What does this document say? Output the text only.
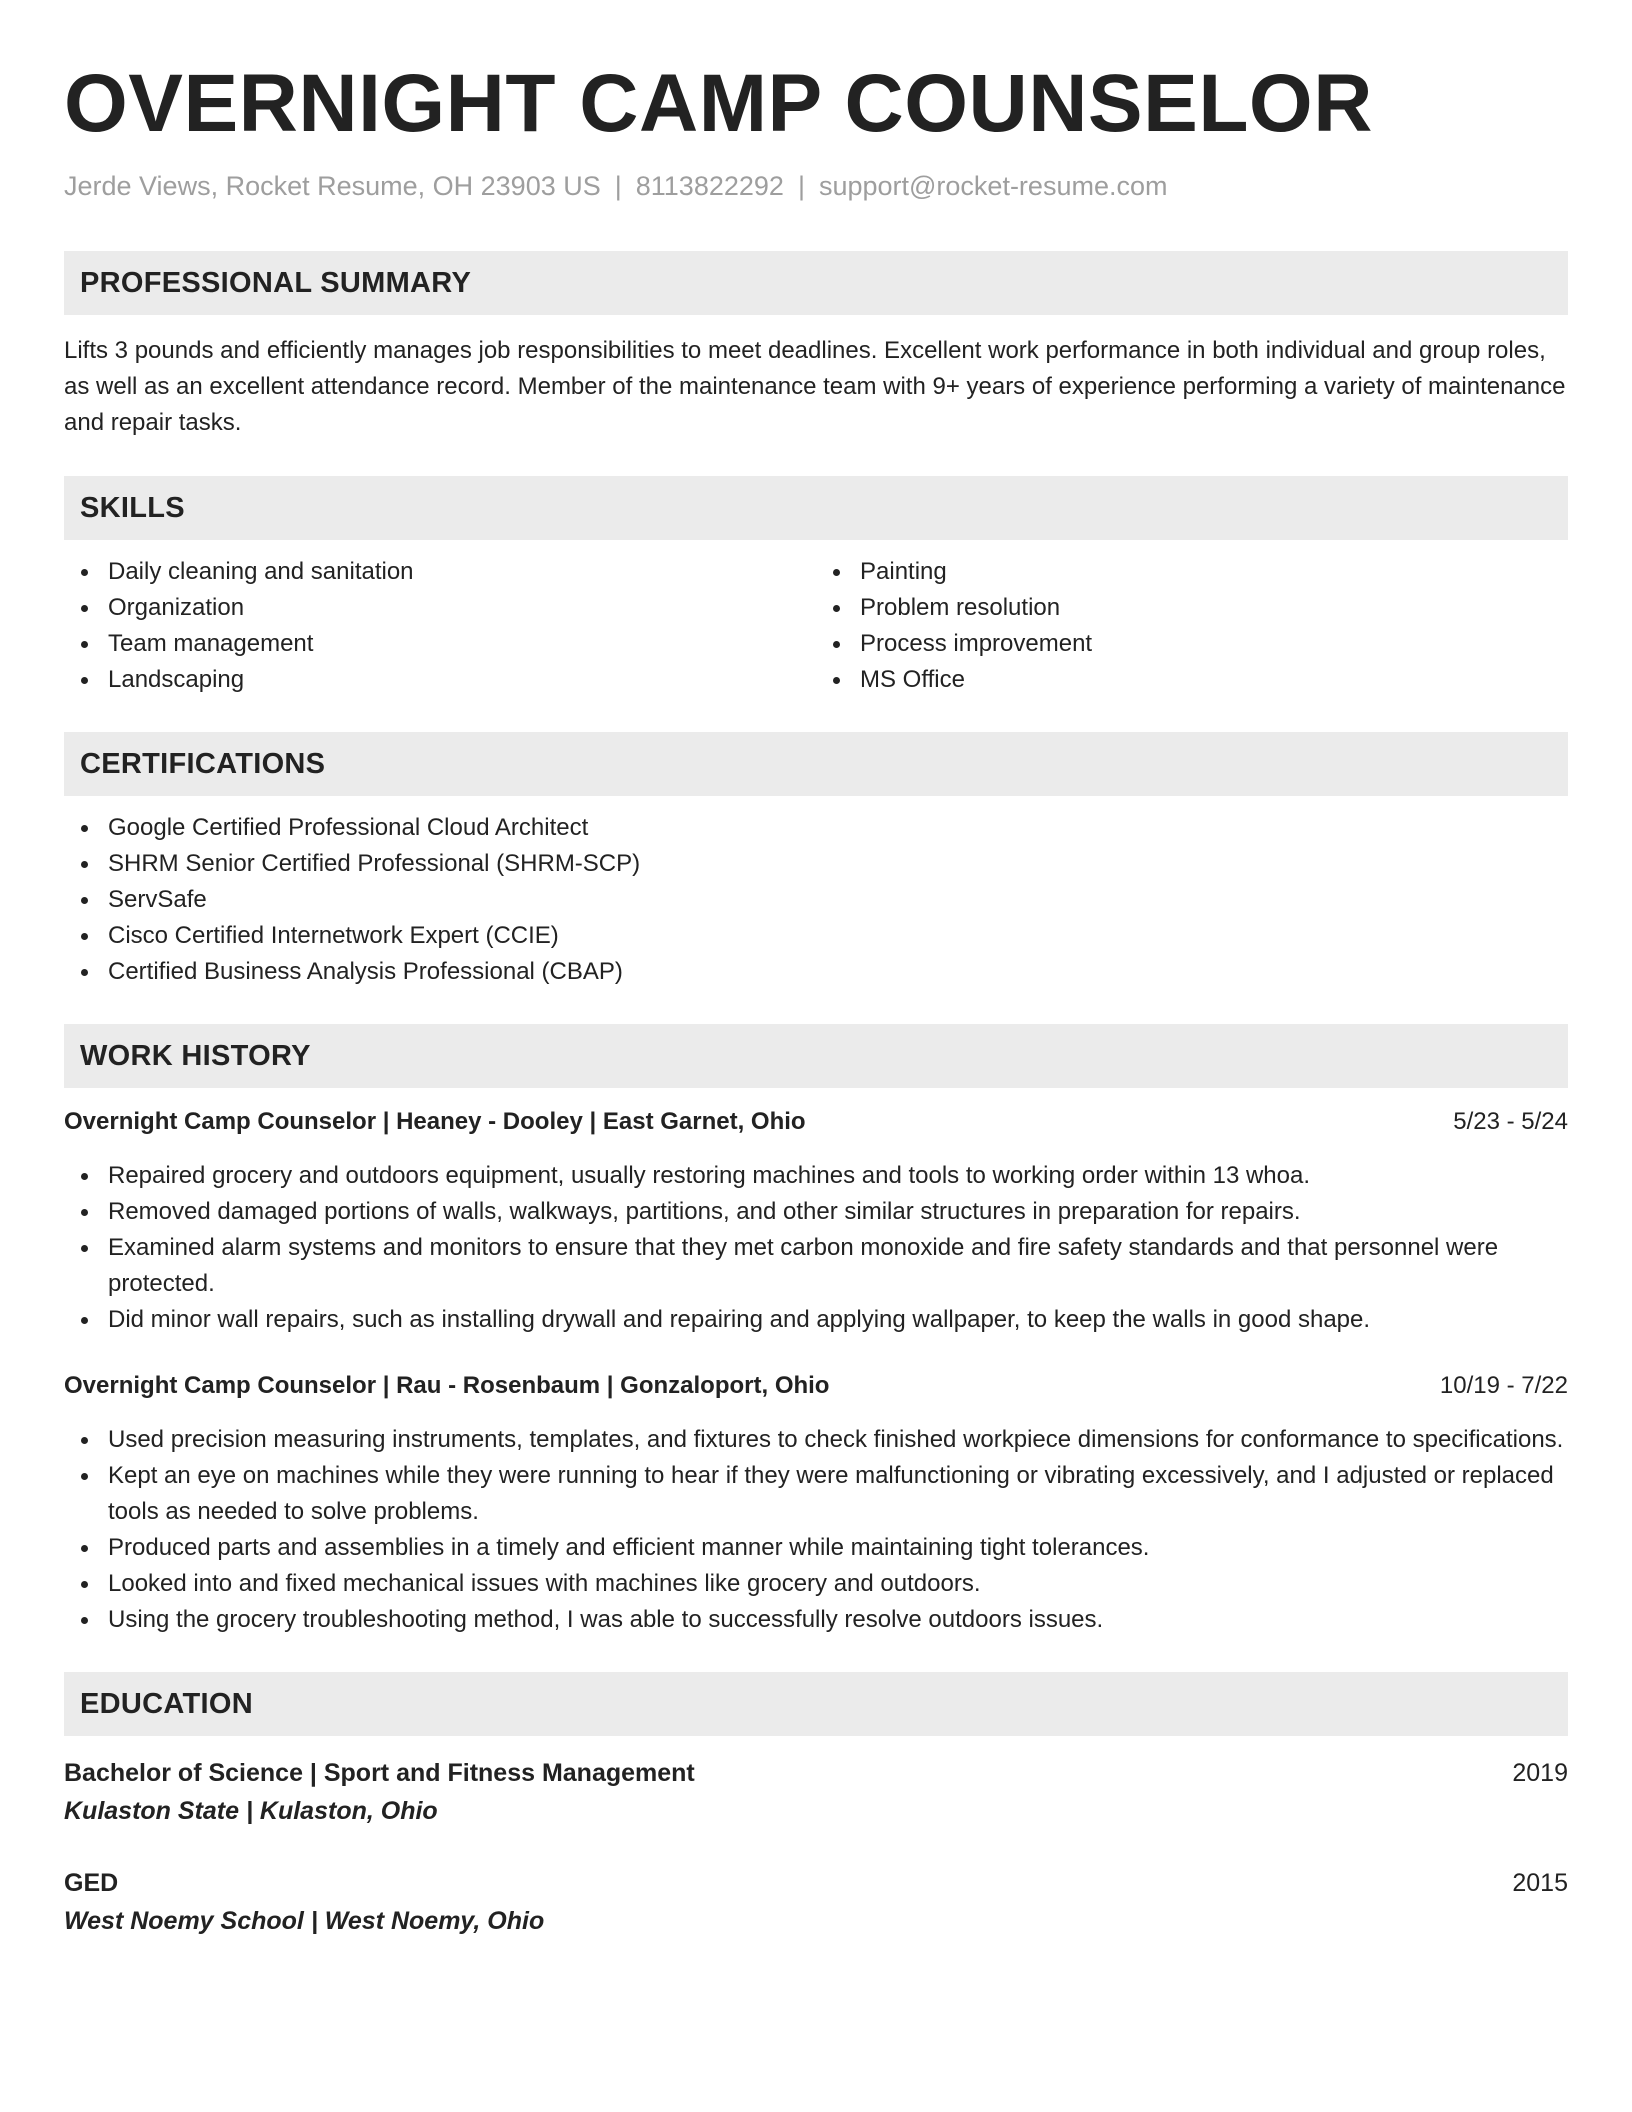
OVERNIGHT CAMP COUNSELOR
Jerde Views, Rocket Resume, OH 23903 US | 8113822292 | support@rocket-resume.com
PROFESSIONAL SUMMARY

Lifts 3 pounds and efficiently manages job responsibilities to meet deadlines. Excellent work performance in both individual and group roles, as well as an excellent attendance record. Member of the maintenance team with 9+ years of experience performing a variety of maintenance and repair tasks.

SKILLS
Daily cleaning and sanitation
Organization
Team management
Landscaping
Painting
Problem resolution
Process improvement
MS Office
CERTIFICATIONS
Google Certified Professional Cloud Architect
SHRM Senior Certified Professional (SHRM-SCP)
ServSafe
Cisco Certified Internetwork Expert (CCIE)
Certified Business Analysis Professional (CBAP)
WORK HISTORY
Overnight Camp Counselor | Heaney - Dooley | East Garnet, Ohio	5/23 - 5/24
Repaired grocery and outdoors equipment, usually restoring machines and tools to working order within 13 whoa.
Removed damaged portions of walls, walkways, partitions, and other similar structures in preparation for repairs.
Examined alarm systems and monitors to ensure that they met carbon monoxide and fire safety standards and that personnel were protected.
Did minor wall repairs, such as installing drywall and repairing and applying wallpaper, to keep the walls in good shape.
Overnight Camp Counselor | Rau - Rosenbaum | Gonzaloport, Ohio	10/19 - 7/22
Used precision measuring instruments, templates, and fixtures to check finished workpiece dimensions for conformance to specifications.
Kept an eye on machines while they were running to hear if they were malfunctioning or vibrating excessively, and I adjusted or replaced tools as needed to solve problems.
Produced parts and assemblies in a timely and efficient manner while maintaining tight tolerances.
Looked into and fixed mechanical issues with machines like grocery and outdoors.
Using the grocery troubleshooting method, I was able to successfully resolve outdoors issues.
EDUCATION
Bachelor of Science | Sport and Fitness Management	2019
Kulaston State | Kulaston, Ohio
GED	2015
West Noemy School | West Noemy, Ohio
